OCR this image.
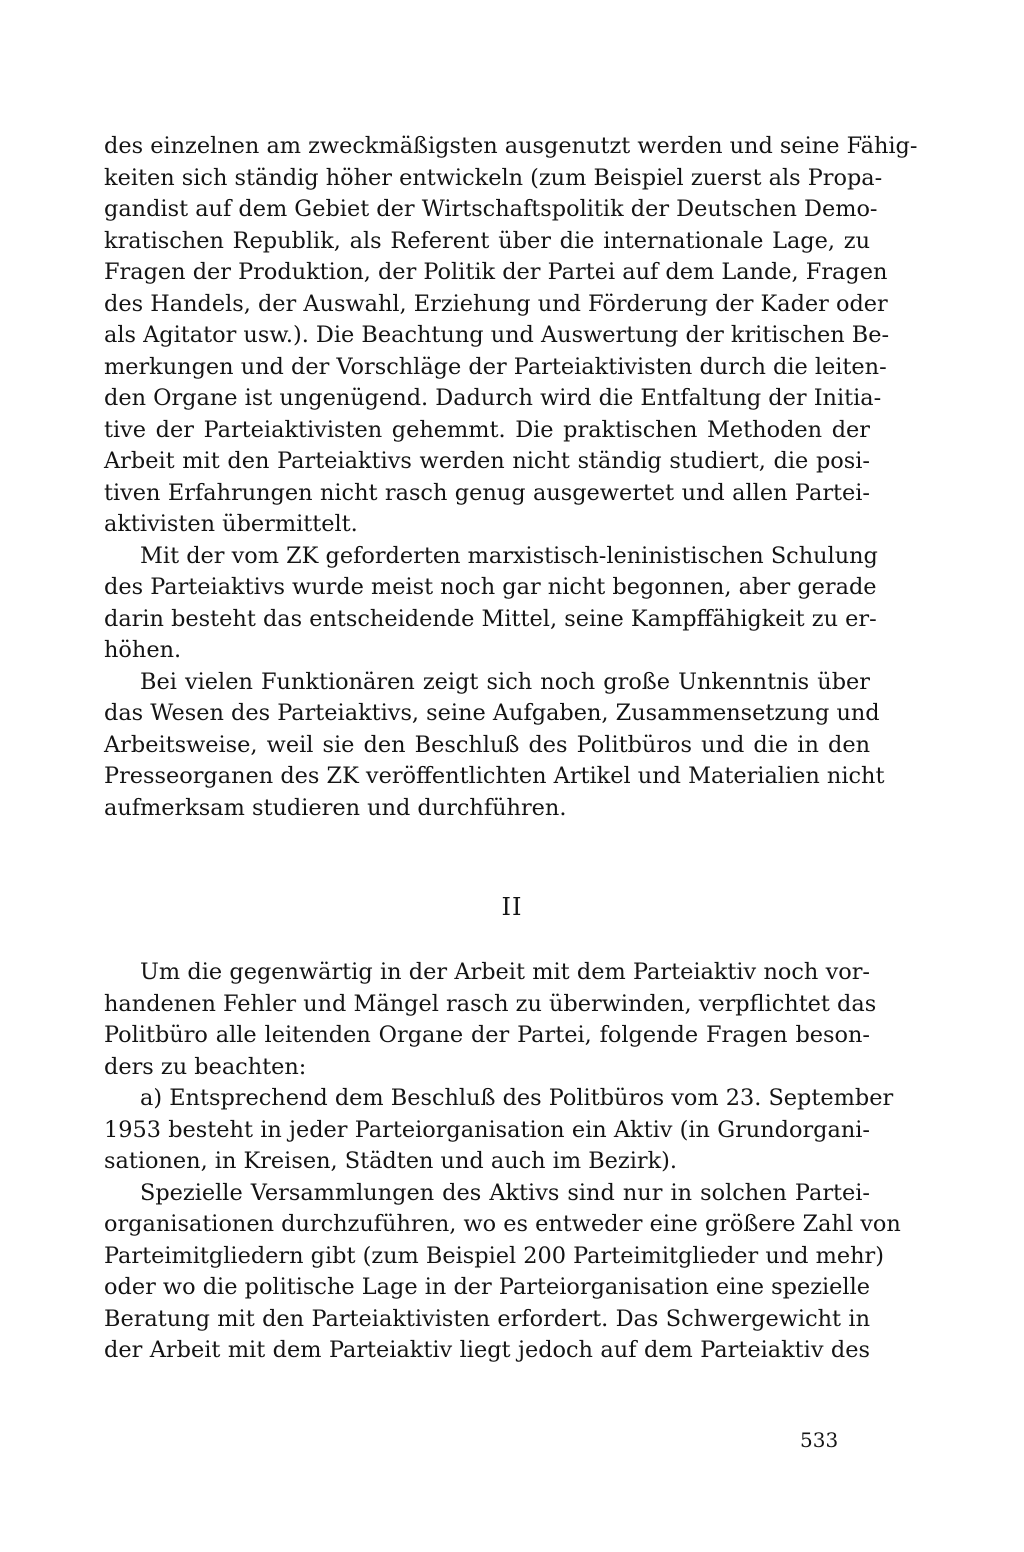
des einzelnen am zweckmäßigsten ausgenutzt werden und seine Fähig-
keiten sich ständig höher entwickeln (zum Beispiel zuerst als Propa-
gandist auf dem Gebiet der Wirtschaftspolitik der Deutschen Demo-
kratischen Republik, als Referent über die internationale Lage, zu
Fragen der Produktion, der Politik der Partei auf dem Lande, Fragen
des Handels, der Auswahl, Erziehung und Förderung der Kader oder
als Agitator usw.). Die Beachtung und Auswertung der kritischen Be-
merkungen und der Vorschläge der Parteiaktivisten durch die leiten-
den Organe ist ungenügend. Dadurch wird die Entfaltung der Initia-
tive der Parteiaktivisten gehemmt. Die praktischen Methoden der
Arbeit mit den Parteiaktivs werden nicht ständig studiert, die posi-
tiven Erfahrungen nicht rasch genug ausgewertet und allen Partei-
aktivisten übermittelt.
Mit der vom ZK geforderten marxistisch-leninistischen Schulung
des Parteiaktivs wurde meist noch gar nicht begonnen, aber gerade
darin besteht das entscheidende Mittel, seine Kampffähigkeit zu er-
höhen.
Bei vielen Funktionären zeigt sich noch große Unkenntnis über
das Wesen des Parteiaktivs, seine Aufgaben, Zusammensetzung und
Arbeitsweise, weil sie den Beschluß des Politbüros und die in den
Presseorganen des ZK veröffentlichten Artikel und Materialien nicht
aufmerksam studieren und durchführen.
II
Um die gegenwärtig in der Arbeit mit dem Parteiaktiv noch vor-
handenen Fehler und Mängel rasch zu überwinden, verpflichtet das
Politbüro alle leitenden Organe der Partei, folgende Fragen beson-
ders zu beachten:
a) Entsprechend dem Beschluß des Politbüros vom 23. September
1953 besteht in jeder Parteiorganisation ein Aktiv (in Grundorgani-
sationen, in Kreisen, Städten und auch im Bezirk).
Spezielle Versammlungen des Aktivs sind nur in solchen Partei-
organisationen durchzuführen, wo es entweder eine größere Zahl von
Parteimitgliedern gibt (zum Beispiel 200 Parteimitglieder und mehr)
oder wo die politische Lage in der Parteiorganisation eine spezielle
Beratung mit den Parteiaktivisten erfordert. Das Schwergewicht in
der Arbeit mit dem Parteiaktiv liegt jedoch auf dem Parteiaktiv des
533
